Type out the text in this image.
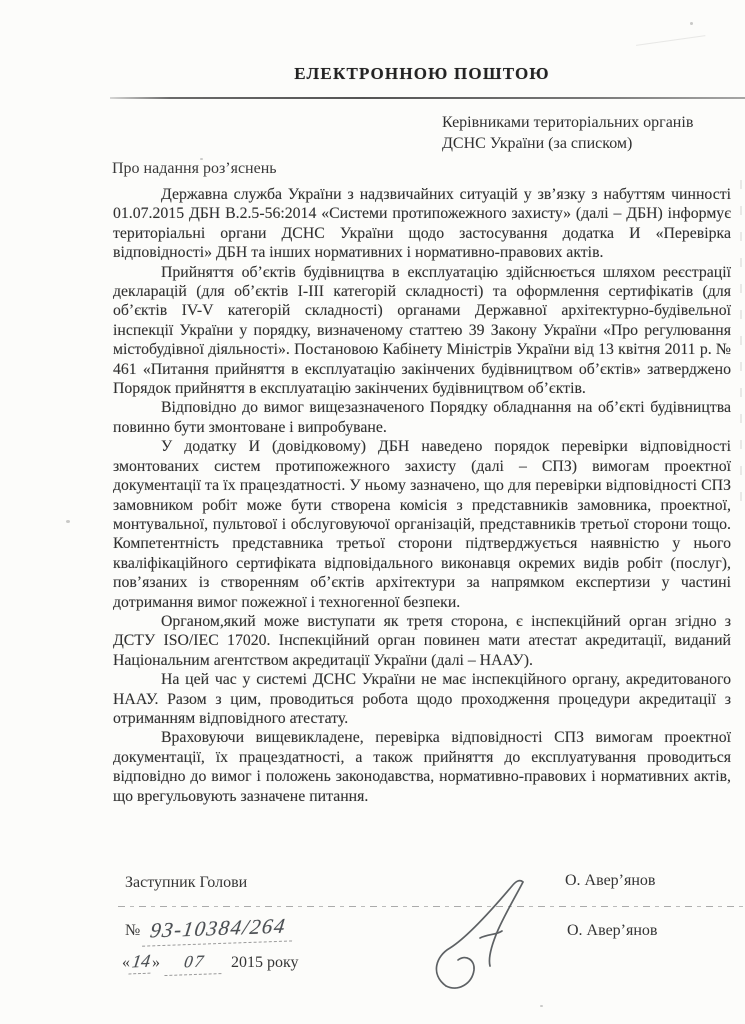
ЕЛЕКТРОННОЮ ПОШТОЮ
Керівниками територіальних органів
ДСНС України (за списком)
Про надання роз’яснень

Державна служба України з надзвичайних ситуацій у зв’язку з набуттям чинності 01.07.2015 ДБН В.2.5-56:2014 «Системи протипожежного захисту» (далі – ДБН) інформує територіальні органи ДСНС України щодо застосування додатка И «Перевірка відповідності» ДБН та інших нормативних і нормативно-правових актів.

Прийняття об’єктів будівництва в експлуатацію здійснюється шляхом реєстрації декларацій (для об’єктів І-ІІІ категорій складності) та оформлення сертифікатів (для об’єктів ІV-V категорій складності) органами Державної архітектурно-будівельної інспекції України у порядку, визначеному статтею 39 Закону України «Про регулювання містобудівної діяльності». Постановою Кабінету Міністрів України від 13 квітня 2011 р. № 461 «Питання прийняття в експлуатацію закінчених будівництвом об’єктів» затверджено Порядок прийняття в експлуатацію закінчених будівництвом об’єктів.

Відповідно до вимог вищезазначеного Порядку обладнання на об’єкті будівництва повинно бути змонтоване і випробуване.

У додатку И (довідковому) ДБН наведено порядок перевірки відповідності змонтованих систем протипожежного захисту (далі – СПЗ) вимогам проектної документації та їх працездатності. У ньому зазначено, що для перевірки відповідності СПЗ замовником робіт може бути створена комісія з представників замовника, проектної, монтувальної, пультової і обслуговуючої організацій, представників третьої сторони тощо. Компетентність представника третьої сторони підтверджується наявністю у нього кваліфікаційного сертифіката відповідального виконавця окремих видів робіт (послуг), пов’язаних із створенням об’єктів архітектури за напрямком експертизи у частині дотримання вимог пожежної і техногенної безпеки.

Органом,який може виступати як третя сторона, є інспекційний орган згідно з ДСТУ ISO/ІЕС 17020. Інспекційний орган повинен мати атестат акредитації, виданий Національним агентством акредитації України (далі – НААУ).

На цей час у системі ДСНС України не має інспекційного органу, акредитованого НААУ. Разом з цим, проводиться робота щодо проходження процедури акредитації з отриманням відповідного атестату.

Враховуючи вищевикладене, перевірка відповідності СПЗ вимогам проектної документації, їх працездатності, а також прийняття до експлуатування проводиться відповідно до вимог і положень законодавства, нормативно-правових і нормативних актів, що врегульовують зазначене питання.

Заступник Голови	О. Авер’янов
№ 93-10384/264	О. Авер’янов
«14» 07 2015 року
